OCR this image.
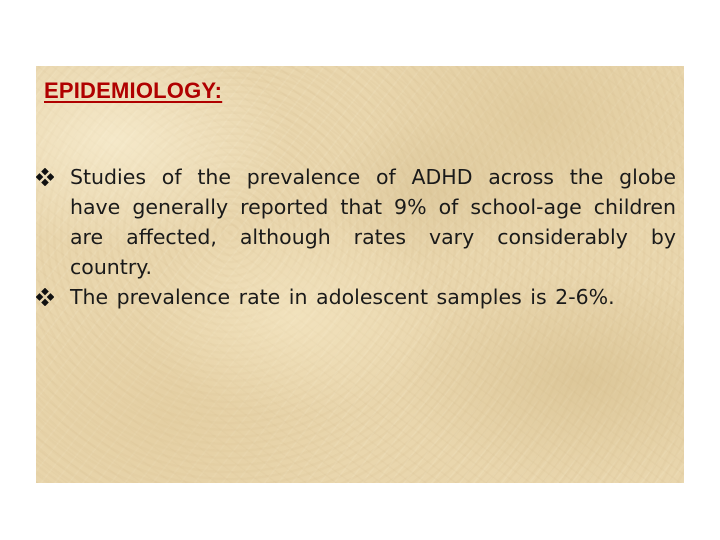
EPIDEMIOLOGY:
Studies of the prevalence of ADHD across the globe have generally reported that 9% of school-age children are affected, although rates vary considerably by country.
The prevalence rate in adolescent samples is 2-6%.
